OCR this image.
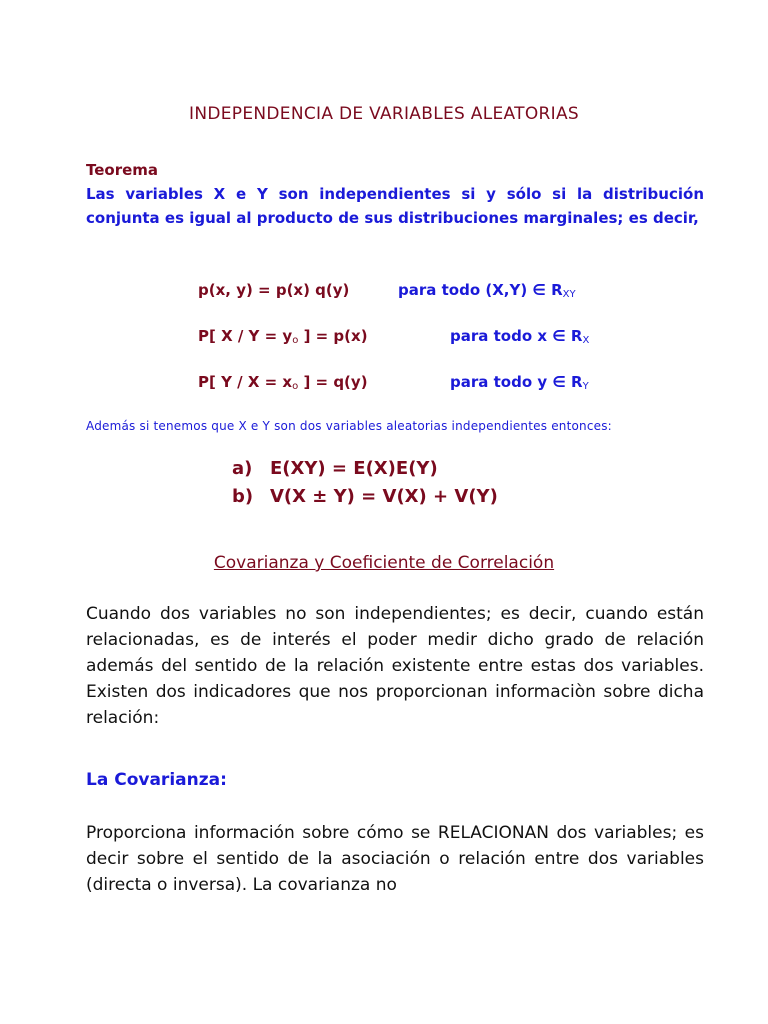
INDEPENDENCIA DE VARIABLES ALEATORIAS
Teorema
Las variables X e Y son independientes si y sólo si la distribución conjunta es igual al producto de sus distribuciones marginales; es decir,
p(x, y) = p(x) q(y)	para todo (X,Y) ∈ $R_{XY}$
P[ $X / Y = y_o$ ] = p(x)	para todo x ∈ $R_X$
P[ $Y / X = x_o$ ] = q(y)	para todo y ∈ $R_Y$
Además si tenemos que X e Y son dos variables aleatorias independientes entonces:
a) E(XY) = E(X)E(Y)
b) V(X ± Y) = V(X) + V(Y)
Covarianza y Coeficiente de Correlación
Cuando dos variables no son independientes; es decir, cuando están relacionadas, es de interés el poder medir dicho grado de relación además del sentido de la relación existente entre estas dos variables. Existen dos indicadores que nos proporcionan informaciòn sobre dicha relación:
La Covarianza:
Proporciona información sobre cómo se RELACIONAN dos variables; es decir sobre el sentido de la asociación o relación entre dos variables (directa o inversa). La covarianza no
